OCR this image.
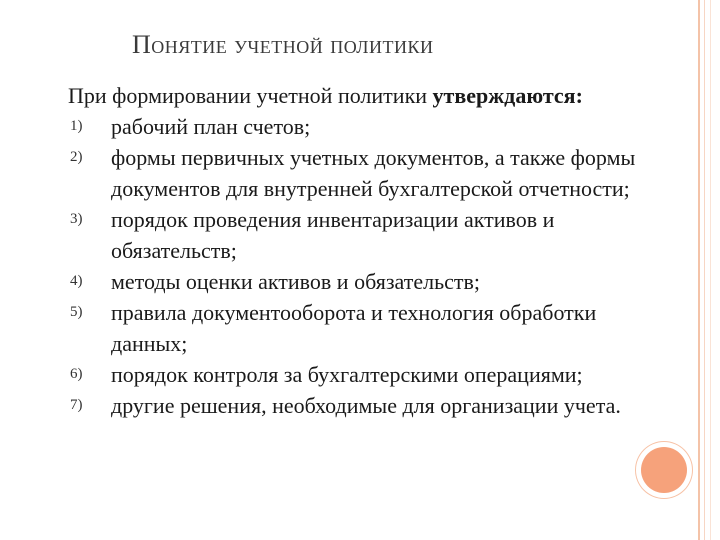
Понятие учетной политики
При формировании учетной политики утверждаются:
1) рабочий план счетов;
2) формы первичных учетных документов, а также формы документов для внутренней бухгалтерской отчетности;
3) порядок проведения инвентаризации активов и обязательств;
4) методы оценки активов и обязательств;
5) правила документооборота и технология обработки данных;
6) порядок контроля за бухгалтерскими операциями;
7) другие решения, необходимые для организации учета.
